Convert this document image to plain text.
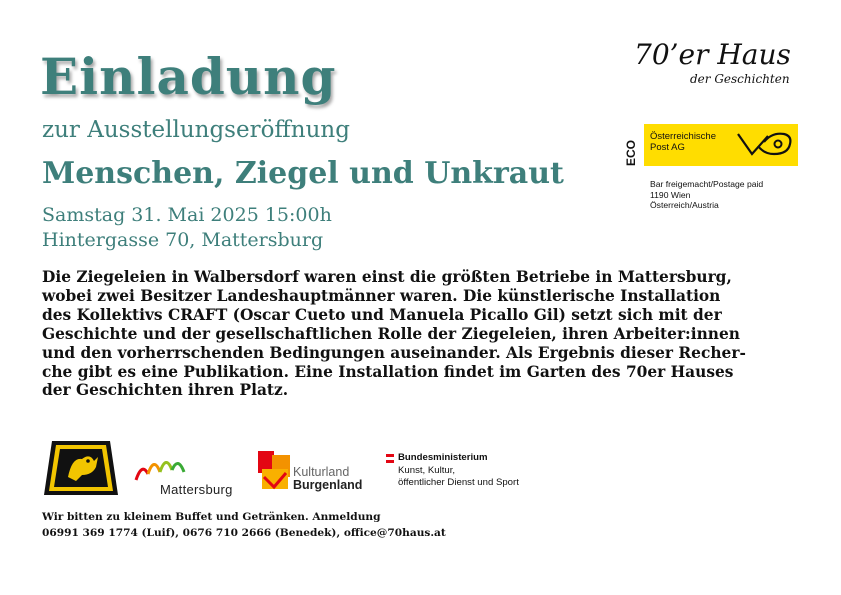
Einladung
zur Ausstellungseröffnung
Menschen, Ziegel und Unkraut
Samstag 31. Mai 2025 15:00h
Hintergasse 70, Mattersburg
70’er Haus
der Geschichten
ECO
Österreichische
Post AG
Bar freigemacht/Postage paid
1190 Wien
Österreich/Austria
Die Ziegeleien in Walbersdorf waren einst die größten Betriebe in Mattersburg,
wobei zwei Besitzer Landeshauptmänner waren. Die künstlerische Installation
des Kollektivs CRAFT (Oscar Cueto und Manuela Picallo Gil) setzt sich mit der
Geschichte und der gesellschaftlichen Rolle der Ziegeleien, ihren Arbeiter:innen
und den vorherrschenden Bedingungen auseinander. Als Ergebnis dieser Recher-
che gibt es eine Publikation. Eine Installation findet im Garten des 70er Hauses
der Geschichten ihren Platz.
Mattersburg
Kulturland
Burgenland
Bundesministerium
Kunst, Kultur,
öffentlicher Dienst und Sport
Wir bitten zu kleinem Buffet und Getränken. Anmeldung
06991 369 1774 (Luif), 0676 710 2666 (Benedek), office@70haus.at
